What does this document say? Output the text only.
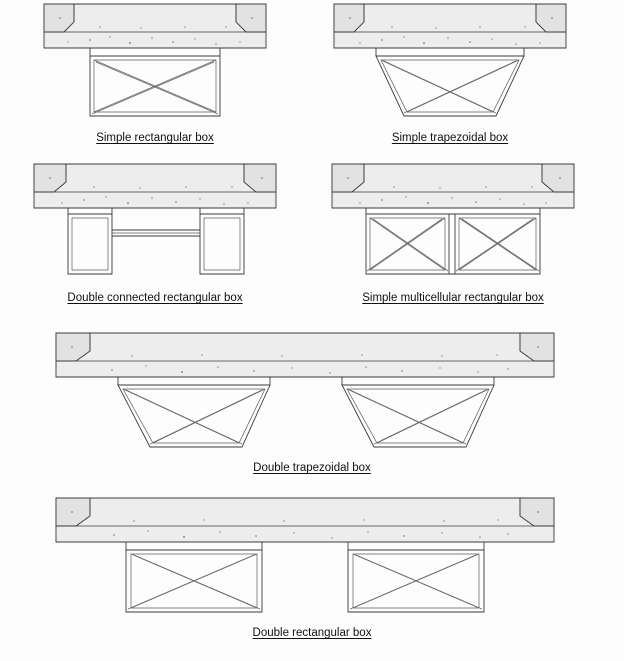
Simple rectangular box	Simple trapezoidal box
Double connected rectangular box	Simple multicellular rectangular box
Double trapezoidal box
Double rectangular box
